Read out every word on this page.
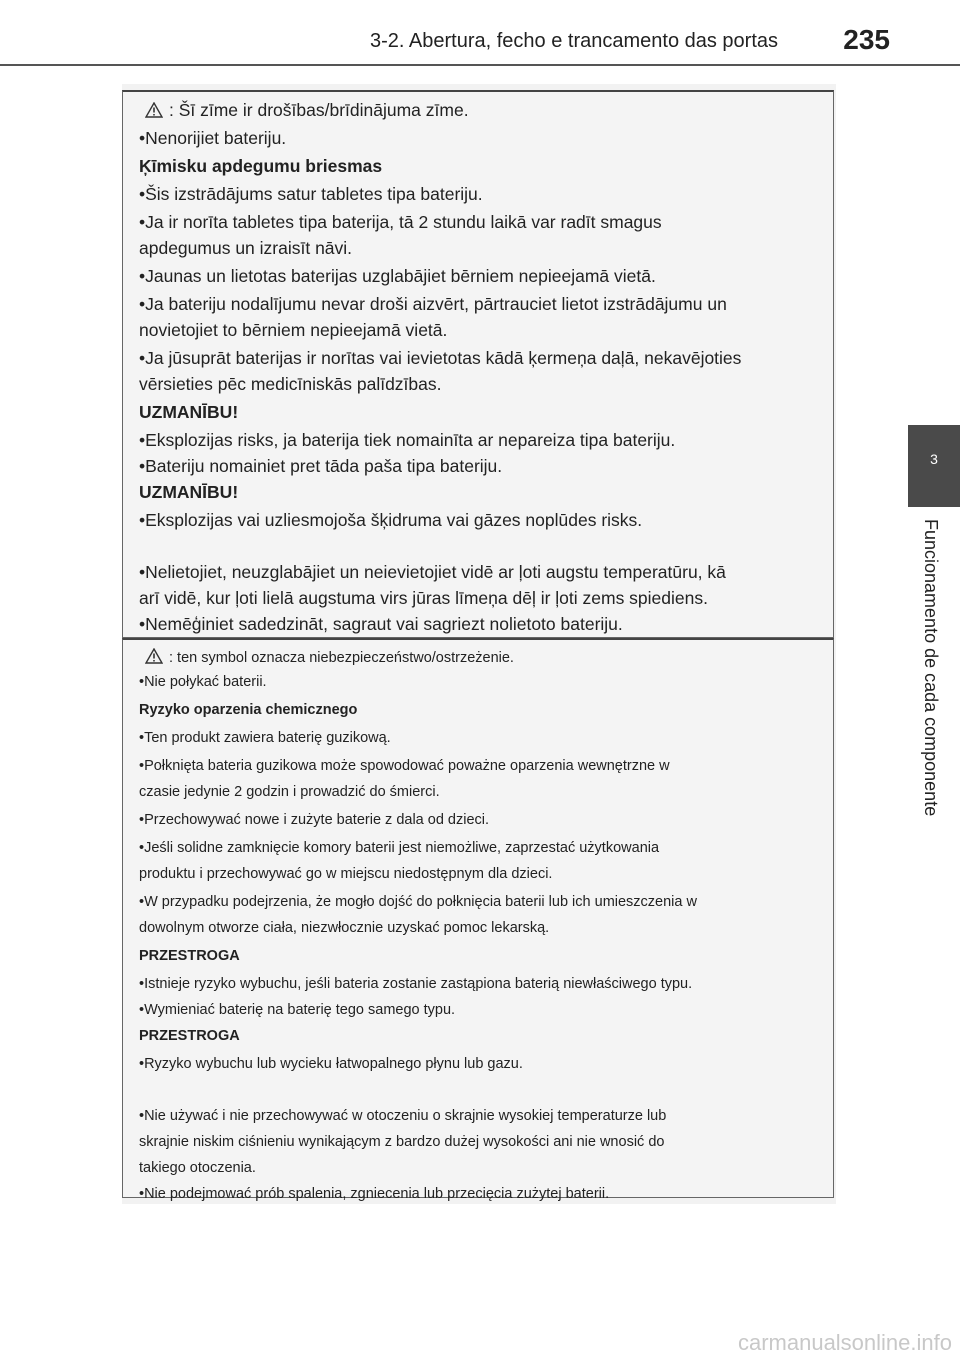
3-2. Abertura, fecho e trancamento das portas 235
3
Funcionamento de cada componente
: Šī zīme ir drošības/brīdinājuma zīme.
•Nenorijiet bateriju.
Ķīmisku apdegumu briesmas
•Šis izstrādājums satur tabletes tipa bateriju.
•Ja ir norīta tabletes tipa baterija, tā 2 stundu laikā var radīt smagus
apdegumus un izraisīt nāvi.
•Jaunas un lietotas baterijas uzglabājiet bērniem nepieejamā vietā.
•Ja bateriju nodalījumu nevar droši aizvērt, pārtrauciet lietot izstrādājumu un
novietojiet to bērniem nepieejamā vietā.
•Ja jūsuprāt baterijas ir norītas vai ievietotas kādā ķermeņa daļā, nekavējoties
vērsieties pēc medicīniskās palīdzības.
UZMANĪBU!
•Eksplozijas risks, ja baterija tiek nomainīta ar nepareiza tipa bateriju.
•Bateriju nomainiet pret tāda paša tipa bateriju.
UZMANĪBU!
•Eksplozijas vai uzliesmojoša šķidruma vai gāzes noplūdes risks.
•Nelietojiet, neuzglabājiet un neievietojiet vidē ar ļoti augstu temperatūru, kā
arī vidē, kur ļoti lielā augstuma virs jūras līmeņa dēļ ir ļoti zems spiediens.
•Nemēģiniet sadedzināt, sagraut vai sagriezt nolietoto bateriju.
: ten symbol oznacza niebezpieczeństwo/ostrzeżenie.
•Nie połykać baterii.
Ryzyko oparzenia chemicznego
•Ten produkt zawiera baterię guzikową.
•Połknięta bateria guzikowa może spowodować poważne oparzenia wewnętrzne w
czasie jedynie 2 godzin i prowadzić do śmierci.
•Przechowywać nowe i zużyte baterie z dala od dzieci.
•Jeśli solidne zamknięcie komory baterii jest niemożliwe, zaprzestać użytkowania
produktu i przechowywać go w miejscu niedostępnym dla dzieci.
•W przypadku podejrzenia, że mogło dojść do połknięcia baterii lub ich umieszczenia w
dowolnym otworze ciała, niezwłocznie uzyskać pomoc lekarską.
PRZESTROGA
•Istnieje ryzyko wybuchu, jeśli bateria zostanie zastąpiona baterią niewłaściwego typu.
•Wymieniać baterię na baterię tego samego typu.
PRZESTROGA
•Ryzyko wybuchu lub wycieku łatwopalnego płynu lub gazu.
•Nie używać i nie przechowywać w otoczeniu o skrajnie wysokiej temperaturze lub
skrajnie niskim ciśnieniu wynikającym z bardzo dużej wysokości ani nie wnosić do
takiego otoczenia.
•Nie podejmować prób spalenia, zgniecenia lub przecięcia zużytej baterii.
carmanualsonline.info
